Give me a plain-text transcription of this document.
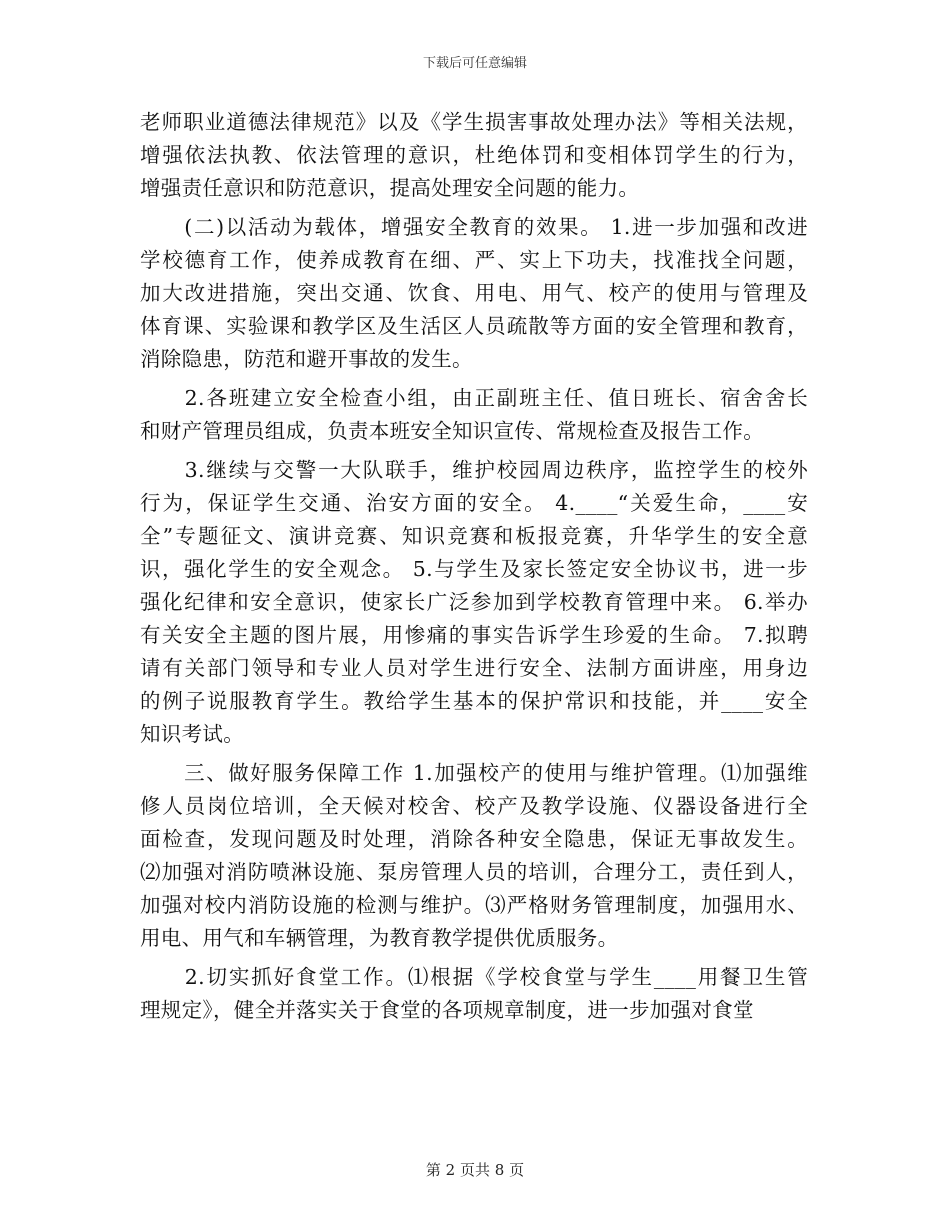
下载后可任意编辑
老师职业道德法律规范》以及《学生损害事故处理办法》等相关法规，
增强依法执教、依法管理的意识，杜绝体罚和变相体罚学生的行为，
增强责任意识和防范意识，提高处理安全问题的能力。
　　(二)以活动为载体，增强安全教育的效果。 1.进一步加强和改进
学校德育工作，使养成教育在细、严、实上下功夫，找准找全问题，
加大改进措施，突出交通、饮食、用电、用气、校产的使用与管理及
体育课、实验课和教学区及生活区人员疏散等方面的安全管理和教育，
消除隐患，防范和避开事故的发生。
　　2.各班建立安全检查小组，由正副班主任、值日班长、宿舍舍长
和财产管理员组成，负责本班安全知识宣传、常规检查及报告工作。
　　3.继续与交警一大队联手，维护校园周边秩序，监控学生的校外
行为，保证学生交通、治安方面的安全。 4.____“关爱生命，____安
全”专题征文、演讲竞赛、知识竞赛和板报竞赛，升华学生的安全意
识，强化学生的安全观念。 5.与学生及家长签定安全协议书，进一步
强化纪律和安全意识，使家长广泛参加到学校教育管理中来。 6.举办
有关安全主题的图片展，用惨痛的事实告诉学生珍爱的生命。 7.拟聘
请有关部门领导和专业人员对学生进行安全、法制方面讲座，用身边
的例子说服教育学生。教给学生基本的保护常识和技能，并____安全
知识考试。
　　三、做好服务保障工作 1.加强校产的使用与维护管理。⑴加强维
修人员岗位培训，全天候对校舍、校产及教学设施、仪器设备进行全
面检查，发现问题及时处理，消除各种安全隐患，保证无事故发生。
⑵加强对消防喷淋设施、泵房管理人员的培训，合理分工，责任到人，
加强对校内消防设施的检测与维护。⑶严格财务管理制度，加强用水、
用电、用气和车辆管理，为教育教学提供优质服务。
　　2.切实抓好食堂工作。⑴根据《学校食堂与学生____用餐卫生管
理规定》，健全并落实关于食堂的各项规章制度，进一步加强对食堂
第 2 页共 8 页
